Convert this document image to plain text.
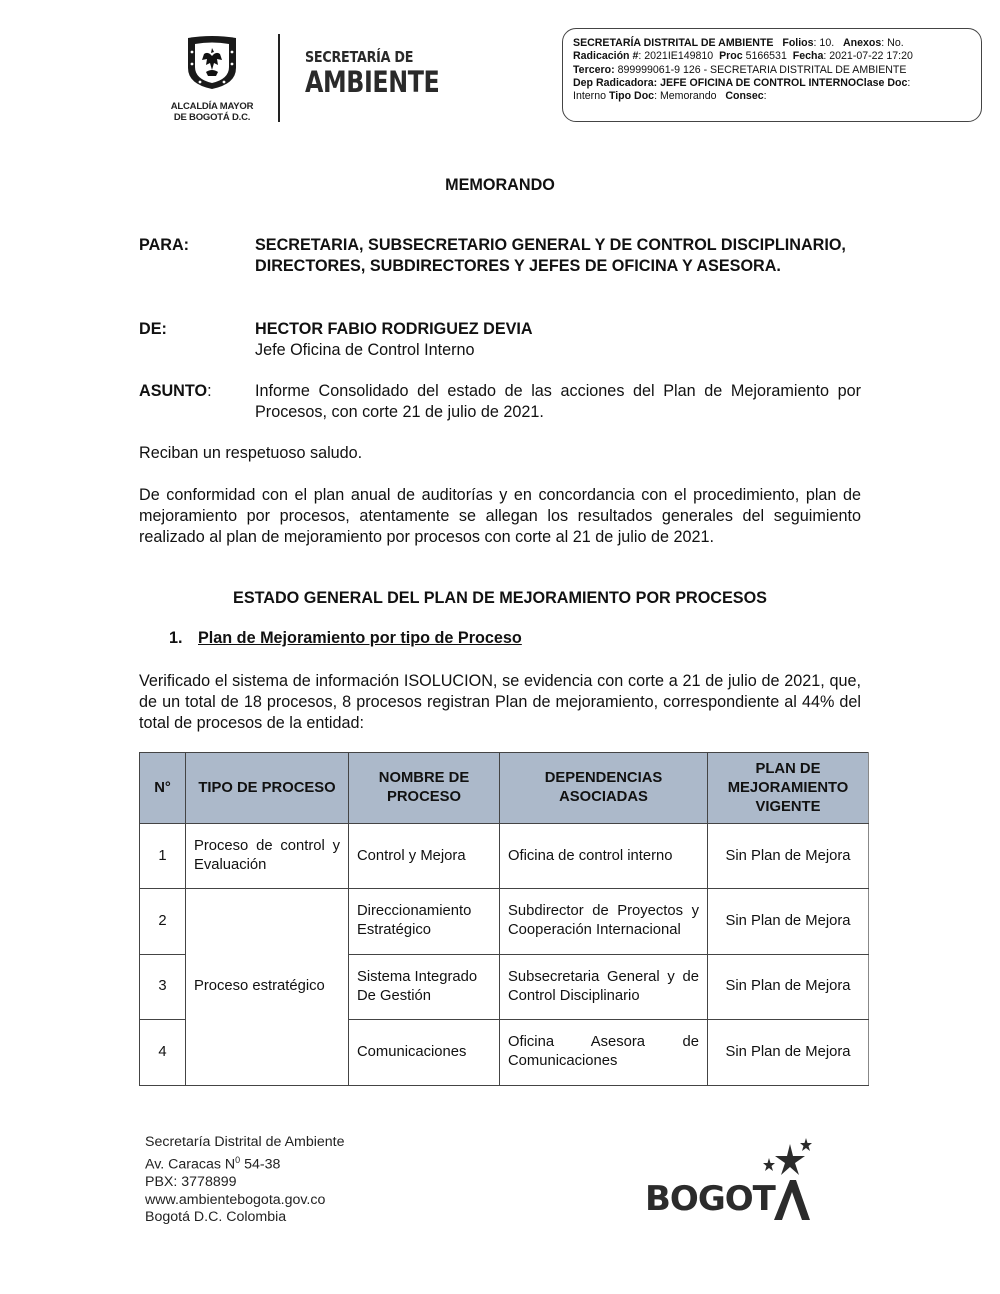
ALCALDÍA MAYOR
DE BOGOTÁ D.C.
SECRETARÍA DE
AMBIENTE
SECRETARÍA DISTRITAL DE AMBIENTE Folios: 10. Anexos: No.
Radicación #: 2021IE149810 Proc 5166531 Fecha: 2021-07-22 17:20
Tercero: 899999061-9 126 - SECRETARIA DISTRITAL DE AMBIENTE
Dep Radicadora: JEFE OFICINA DE CONTROL INTERNOClase Doc:
Interno Tipo Doc: Memorando Consec:
MEMORANDO
PARA:	SECRETARIA, SUBSECRETARIO GENERAL Y DE CONTROL DISCIPLINARIO, DIRECTORES, SUBDIRECTORES Y JEFES DE OFICINA Y ASESORA.
DE:	HECTOR FABIO RODRIGUEZ DEVIA
Jefe Oficina de Control Interno
ASUNTO:	Informe Consolidado del estado de las acciones del Plan de Mejoramiento por Procesos, con corte 21 de julio de 2021.
Reciban un respetuoso saludo.
De conformidad con el plan anual de auditorías y en concordancia con el procedimiento, plan de mejoramiento por procesos, atentamente se allegan los resultados generales del seguimiento realizado al plan de mejoramiento por procesos con corte al 21 de julio de 2021.
ESTADO GENERAL DEL PLAN DE MEJORAMIENTO POR PROCESOS
1. Plan de Mejoramiento por tipo de Proceso
Verificado el sistema de información ISOLUCION, se evidencia con corte a 21 de julio de 2021, que, de un total de 18 procesos, 8 procesos registran Plan de mejoramiento, correspondiente al 44% del total de procesos de la entidad:
N°	TIPO DE PROCESO	NOMBRE DE PROCESO	DEPENDENCIAS ASOCIADAS	PLAN DE MEJORAMIENTO VIGENTE
1	Proceso de control y Evaluación	Control y Mejora	Oficina de control interno	Sin Plan de Mejora
2	Proceso estratégico	Direccionamiento Estratégico	Subdirector de Proyectos y Cooperación Internacional	Sin Plan de Mejora
3		Sistema Integrado De Gestión	Subsecretaria General y de Control Disciplinario	Sin Plan de Mejora
4		Comunicaciones	Oficina Asesora de Comunicaciones	Sin Plan de Mejora
Secretaría Distrital de Ambiente
Av. Caracas $N^0$ 54-38
PBX: 3778899
www.ambientebogota.gov.co
Bogotá D.C. Colombia	BOGOT
